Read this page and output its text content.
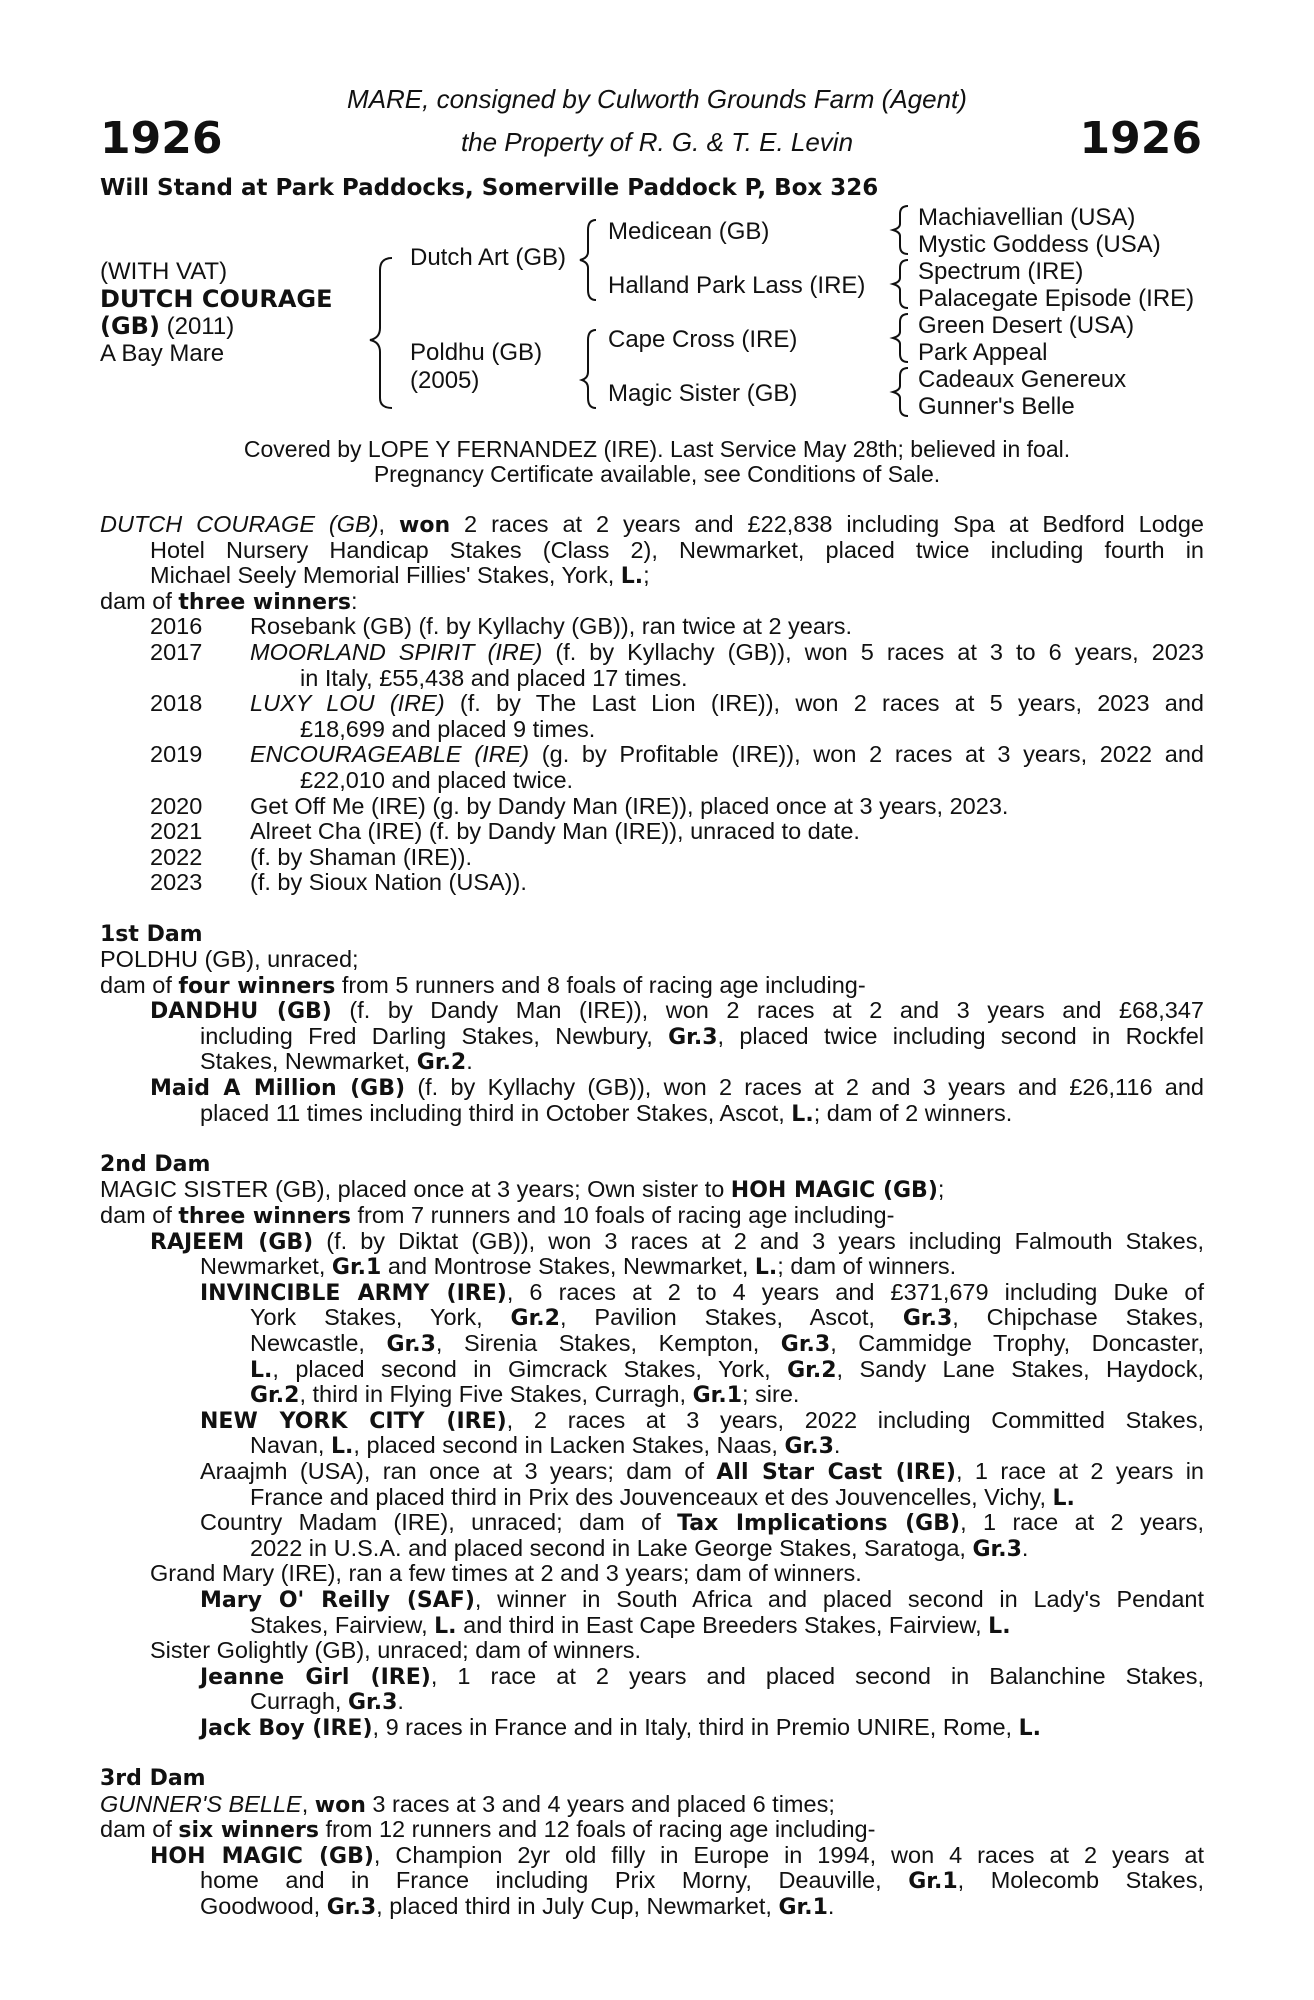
1926	1926
MARE, consigned by Culworth Grounds Farm (Agent)
the Property of R. G. & T. E. Levin
Will Stand at Park Paddocks, Somerville Paddock P, Box 326
(WITH VAT)
DUTCH COURAGE
(GB) (2011)
A Bay Mare
Dutch Art (GB)
Poldhu (GB)
(2005)
Medicean (GB)
Halland Park Lass (IRE)
Cape Cross (IRE)
Magic Sister (GB)
Machiavellian (USA)
Mystic Goddess (USA)
Spectrum (IRE)
Palacegate Episode (IRE)
Green Desert (USA)
Park Appeal
Cadeaux Genereux
Gunner's Belle
Covered by LOPE Y FERNANDEZ (IRE). Last Service May 28th; believed in foal.
Pregnancy Certificate available, see Conditions of Sale.
DUTCH COURAGE (GB), won 2 races at 2 years and £22,838 including Spa at Bedford Lodge
Hotel Nursery Handicap Stakes (Class 2), Newmarket, placed twice including fourth in
Michael Seely Memorial Fillies' Stakes, York, L.;
dam of three winners:
2016 Rosebank (GB) (f. by Kyllachy (GB)), ran twice at 2 years.
2017 MOORLAND SPIRIT (IRE) (f. by Kyllachy (GB)), won 5 races at 3 to 6 years, 2023
in Italy, £55,438 and placed 17 times.
2018 LUXY LOU (IRE) (f. by The Last Lion (IRE)), won 2 races at 5 years, 2023 and
£18,699 and placed 9 times.
2019 ENCOURAGEABLE (IRE) (g. by Profitable (IRE)), won 2 races at 3 years, 2022 and
£22,010 and placed twice.
2020 Get Off Me (IRE) (g. by Dandy Man (IRE)), placed once at 3 years, 2023.
2021 Alreet Cha (IRE) (f. by Dandy Man (IRE)), unraced to date.
2022 (f. by Shaman (IRE)).
2023 (f. by Sioux Nation (USA)).
1st Dam
POLDHU (GB), unraced;
dam of four winners from 5 runners and 8 foals of racing age including-
DANDHU (GB) (f. by Dandy Man (IRE)), won 2 races at 2 and 3 years and £68,347
including Fred Darling Stakes, Newbury, Gr.3, placed twice including second in Rockfel
Stakes, Newmarket, Gr.2.
Maid A Million (GB) (f. by Kyllachy (GB)), won 2 races at 2 and 3 years and £26,116 and
placed 11 times including third in October Stakes, Ascot, L.; dam of 2 winners.
2nd Dam
MAGIC SISTER (GB), placed once at 3 years; Own sister to HOH MAGIC (GB);
dam of three winners from 7 runners and 10 foals of racing age including-
RAJEEM (GB) (f. by Diktat (GB)), won 3 races at 2 and 3 years including Falmouth Stakes,
Newmarket, Gr.1 and Montrose Stakes, Newmarket, L.; dam of winners.
INVINCIBLE ARMY (IRE), 6 races at 2 to 4 years and £371,679 including Duke of
York Stakes, York, Gr.2, Pavilion Stakes, Ascot, Gr.3, Chipchase Stakes,
Newcastle, Gr.3, Sirenia Stakes, Kempton, Gr.3, Cammidge Trophy, Doncaster,
L., placed second in Gimcrack Stakes, York, Gr.2, Sandy Lane Stakes, Haydock,
Gr.2, third in Flying Five Stakes, Curragh, Gr.1; sire.
NEW YORK CITY (IRE), 2 races at 3 years, 2022 including Committed Stakes,
Navan, L., placed second in Lacken Stakes, Naas, Gr.3.
Araajmh (USA), ran once at 3 years; dam of All Star Cast (IRE), 1 race at 2 years in
France and placed third in Prix des Jouvenceaux et des Jouvencelles, Vichy, L.
Country Madam (IRE), unraced; dam of Tax Implications (GB), 1 race at 2 years,
2022 in U.S.A. and placed second in Lake George Stakes, Saratoga, Gr.3.
Grand Mary (IRE), ran a few times at 2 and 3 years; dam of winners.
Mary O' Reilly (SAF), winner in South Africa and placed second in Lady's Pendant
Stakes, Fairview, L. and third in East Cape Breeders Stakes, Fairview, L.
Sister Golightly (GB), unraced; dam of winners.
Jeanne Girl (IRE), 1 race at 2 years and placed second in Balanchine Stakes,
Curragh, Gr.3.
Jack Boy (IRE), 9 races in France and in Italy, third in Premio UNIRE, Rome, L.
3rd Dam
GUNNER'S BELLE, won 3 races at 3 and 4 years and placed 6 times;
dam of six winners from 12 runners and 12 foals of racing age including-
HOH MAGIC (GB), Champion 2yr old filly in Europe in 1994, won 4 races at 2 years at
home and in France including Prix Morny, Deauville, Gr.1, Molecomb Stakes,
Goodwood, Gr.3, placed third in July Cup, Newmarket, Gr.1.
